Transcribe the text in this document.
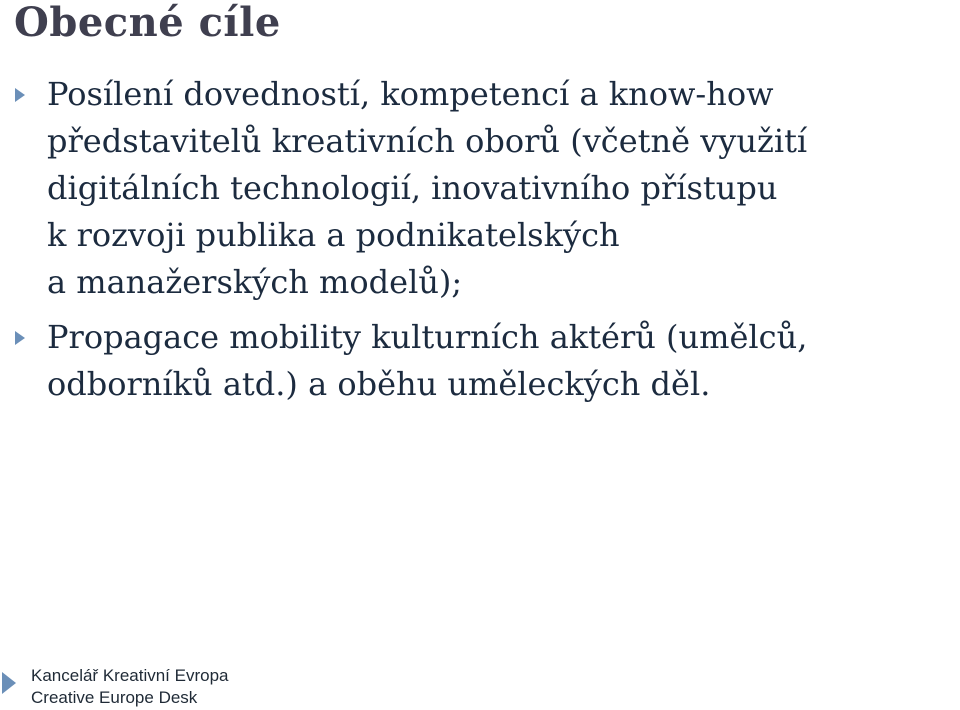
Obecné cíle
Posílení dovedností, kompetencí a know-how
představitelů kreativních oborů (včetně využití
digitálních technologií, inovativního přístupu
k rozvoji publika a podnikatelských
a manažerských modelů);
Propagace mobility kulturních aktérů (umělců,
odborníků atd.) a oběhu uměleckých děl.
Kancelář Kreativní Evropa
Creative Europe Desk
